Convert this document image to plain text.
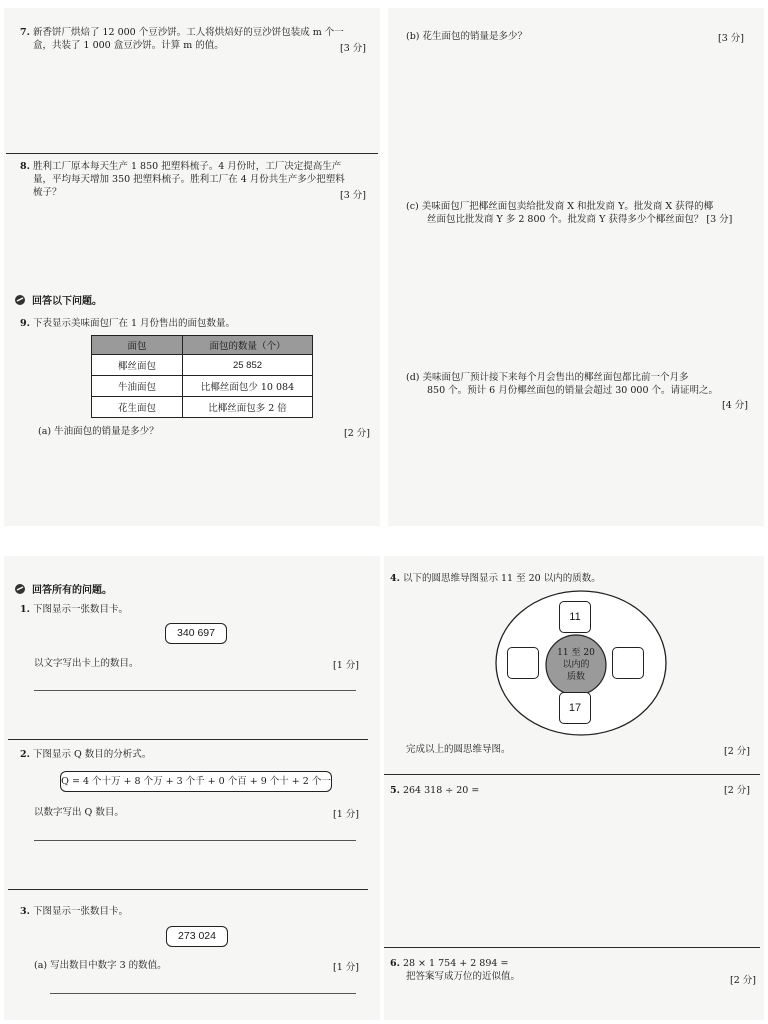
7. 新香饼厂烘焙了 12 000 个豆沙饼。工人将烘焙好的豆沙饼包装成 m 个一
盒，共装了 1 000 盒豆沙饼。计算 m 的值。	[3 分]
8. 胜利工厂原本每天生产 1 850 把塑料梳子。4 月份时，工厂决定提高生产
量，平均每天增加 350 把塑料梳子。胜利工厂在 4 月份共生产多少把塑料
梳子？	[3 分]
回答以下问题。
9. 下表显示美味面包厂在 1 月份售出的面包数量。
面包	面包的数量（个）
椰丝面包	25 852
牛油面包	比椰丝面包少 10 084
花生面包	比椰丝面包多 2 倍
(a) 牛油面包的销量是多少？	[2 分]
(b) 花生面包的销量是多少？	[3 分]
(c) 美味面包厂把椰丝面包卖给批发商 X 和批发商 Y。批发商 X 获得的椰
丝面包比批发商 Y 多 2 800 个。批发商 Y 获得多少个椰丝面包？ [3 分]
(d) 美味面包厂预计接下来每个月会售出的椰丝面包都比前一个月多
850 个。预计 6 月份椰丝面包的销量会超过 30 000 个。请证明之。
[4 分]
回答所有的问题。
1. 下图显示一张数目卡。
340 697
以文字写出卡上的数目。	[1 分]
2. 下图显示 Q 数目的分析式。
Q = 4 个十万 + 8 个万 + 3 个千 + 0 个百 + 9 个十 + 2 个一
以数字写出 Q 数目。	[1 分]
3. 下图显示一张数目卡。
273 024
(a) 写出数目中数字 3 的数值。	[1 分]
4. 以下的圆思维导图显示 11 至 20 以内的质数。
11 至 20
以内的
质数
11
17
完成以上的圆思维导图。	[2 分]
5. 264 318 ÷ 20 =	[2 分]
6. 28 × 1 754 + 2 894 =
把答案写成万位的近似值。	[2 分]
